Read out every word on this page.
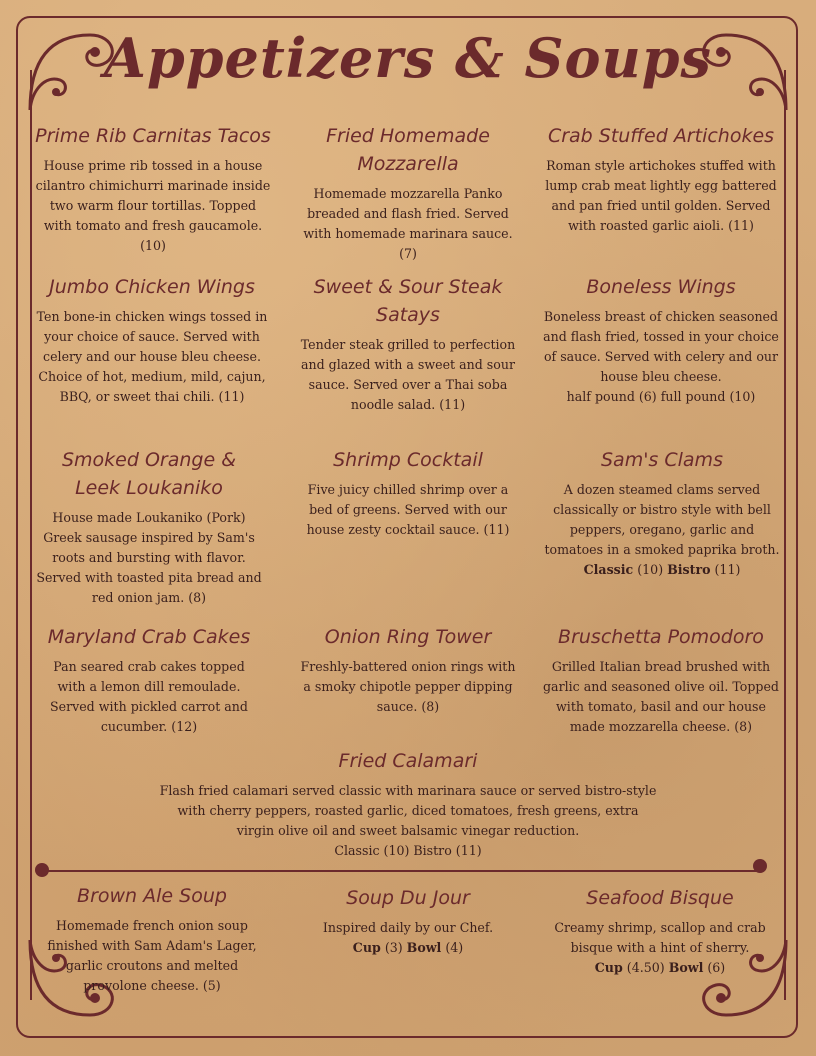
Appetizers & Soups
Prime Rib Carnitas Tacos

House prime rib tossed in a house cilantro chimichurri marinade inside two warm flour tortillas. Topped with tomato and fresh gaucamole. (10)

Fried Homemade Mozzarella

Homemade mozzarella Panko breaded and flash fried. Served with homemade marinara sauce. (7)

Crab Stuffed Artichokes

Roman style artichokes stuffed with lump crab meat lightly egg battered and pan fried until golden. Served with roasted garlic aioli. (11)

Jumbo Chicken Wings

Ten bone-in chicken wings tossed in your choice of sauce. Served with celery and our house bleu cheese. Choice of hot, medium, mild, cajun, BBQ, or sweet thai chili. (11)

Sweet & Sour Steak Satays

Tender steak grilled to perfection and glazed with a sweet and sour sauce. Served over a Thai soba noodle salad. (11)

Boneless Wings

Boneless breast of chicken seasoned and flash fried, tossed in your choice of sauce. Served with celery and our house bleu cheese.

half pound (6) full pound (10)

Smoked Orange & Leek Loukaniko

House made Loukaniko (Pork) Greek sausage inspired by Sam's roots and bursting with flavor. Served with toasted pita bread and red onion jam. (8)

Shrimp Cocktail

Five juicy chilled shrimp over a bed of greens. Served with our house zesty cocktail sauce. (11)

Sam's Clams

A dozen steamed clams served classically or bistro style with bell peppers, oregano, garlic and tomatoes in a smoked paprika broth.

Classic (10) Bistro (11)

Maryland Crab Cakes

Pan seared crab cakes topped with a lemon dill remoulade. Served with pickled carrot and cucumber. (12)

Onion Ring Tower

Freshly-battered onion rings with a smoky chipotle pepper dipping sauce. (8)

Bruschetta Pomodoro

Grilled Italian bread brushed with garlic and seasoned olive oil. Topped with tomato, basil and our house made mozzarella cheese. (8)

Fried Calamari

Flash fried calamari served classic with marinara sauce or served bistro-style with cherry peppers, roasted garlic, diced tomatoes, fresh greens, extra virgin olive oil and sweet balsamic vinegar reduction.

Classic (10) Bistro (11)

Brown Ale Soup

Homemade french onion soup finished with Sam Adam's Lager, garlic croutons and melted provolone cheese. (5)

Soup Du Jour

Inspired daily by our Chef.

Cup (3) Bowl (4)

Seafood Bisque

Creamy shrimp, scallop and crab bisque with a hint of sherry.

Cup (4.50) Bowl (6)
